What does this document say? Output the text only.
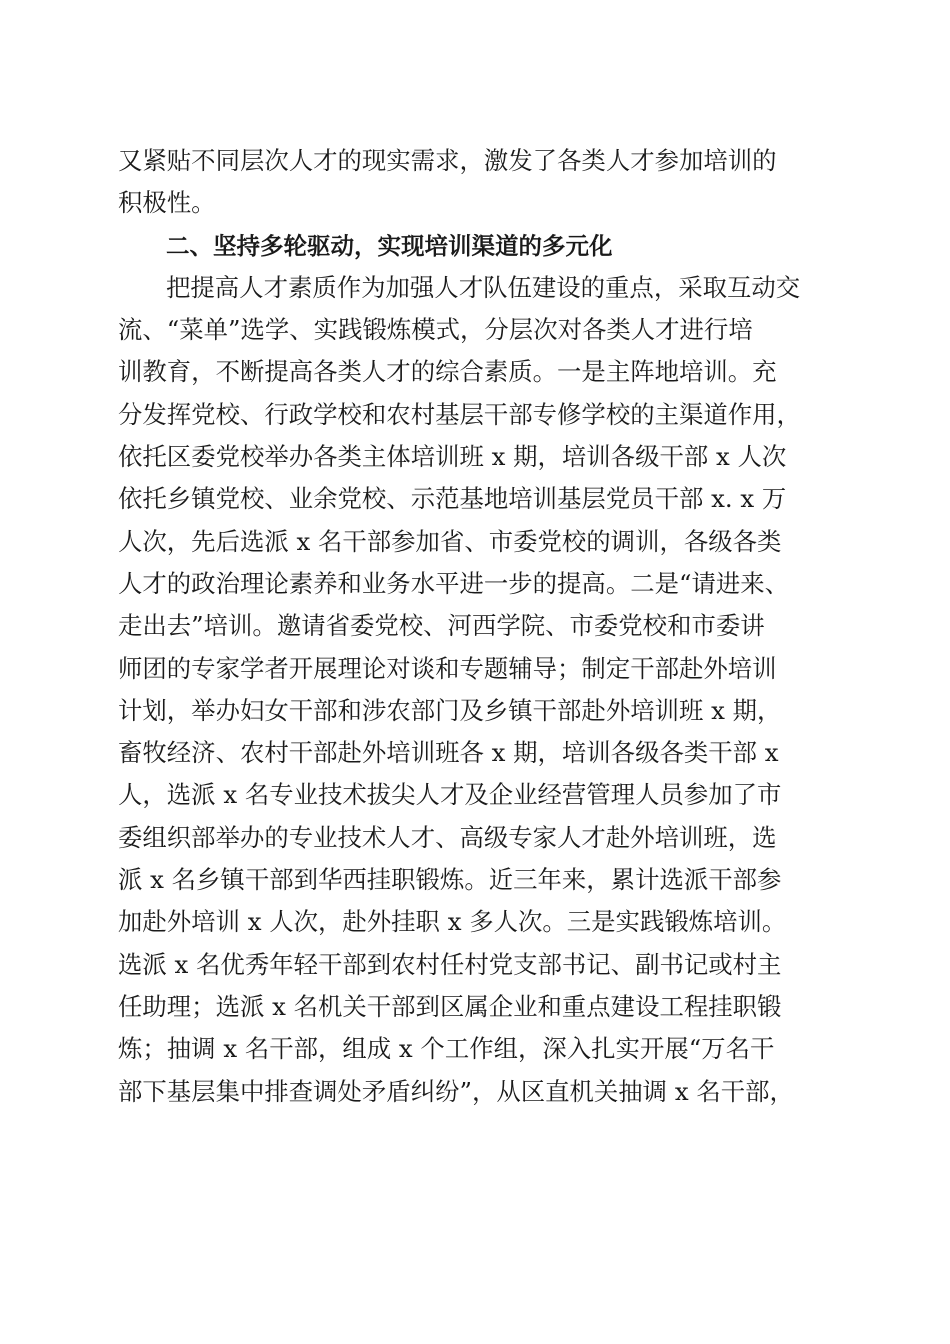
又紧贴不同层次人才的现实需求，激发了各类人才参加培训的
积极性。
二、坚持多轮驱动，实现培训渠道的多元化
把提高人才素质作为加强人才队伍建设的重点，采取互动交
流、“菜单”选学、实践锻炼模式，分层次对各类人才进行培
训教育，不断提高各类人才的综合素质。一是主阵地培训。充
分发挥党校、行政学校和农村基层干部专修学校的主渠道作用，
依托区委党校举办各类主体培训班 x 期，培训各级干部 x 人次
依托乡镇党校、业余党校、示范基地培训基层党员干部 x. x 万
人次，先后选派 x 名干部参加省、市委党校的调训，各级各类
人才的政治理论素养和业务水平进一步的提高。二是“请进来、
走出去”培训。邀请省委党校、河西学院、市委党校和市委讲
师团的专家学者开展理论对谈和专题辅导；制定干部赴外培训
计划，举办妇女干部和涉农部门及乡镇干部赴外培训班 x 期，
畜牧经济、农村干部赴外培训班各 x 期，培训各级各类干部 x
人，选派 x 名专业技术拔尖人才及企业经营管理人员参加了市
委组织部举办的专业技术人才、高级专家人才赴外培训班，选
派 x 名乡镇干部到华西挂职锻炼。近三年来，累计选派干部参
加赴外培训 x 人次，赴外挂职 x 多人次。三是实践锻炼培训。
选派 x 名优秀年轻干部到农村任村党支部书记、副书记或村主
任助理；选派 x 名机关干部到区属企业和重点建设工程挂职锻
炼；抽调 x 名干部，组成 x 个工作组，深入扎实开展“万名干
部下基层集中排查调处矛盾纠纷”，从区直机关抽调 x 名干部，
